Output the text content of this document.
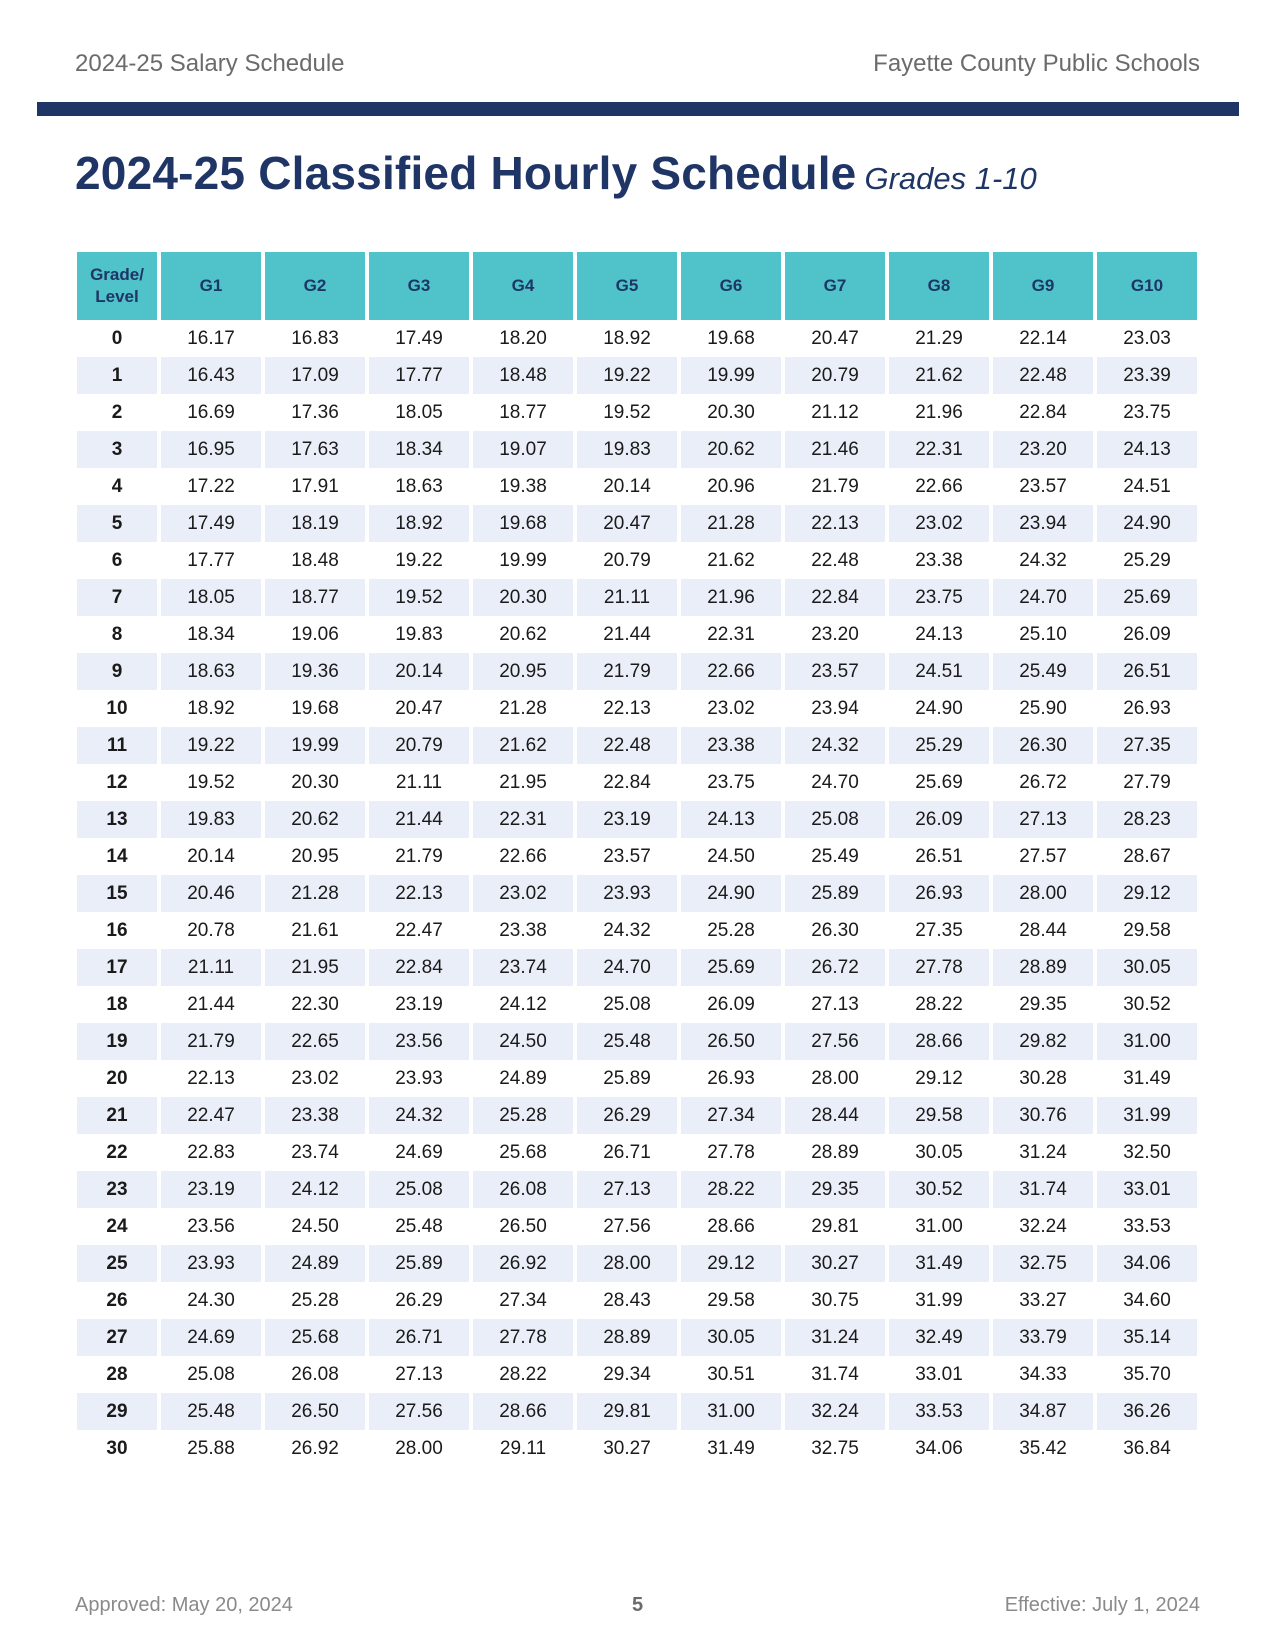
2024-25 Salary Schedule	Fayette County Public Schools
2024-25 Classified Hourly Schedule Grades 1-10
Grade/
Level	G1	G2	G3	G4	G5	G6	G7	G8	G9	G10
0	16.17	16.83	17.49	18.20	18.92	19.68	20.47	21.29	22.14	23.03
1	16.43	17.09	17.77	18.48	19.22	19.99	20.79	21.62	22.48	23.39
2	16.69	17.36	18.05	18.77	19.52	20.30	21.12	21.96	22.84	23.75
3	16.95	17.63	18.34	19.07	19.83	20.62	21.46	22.31	23.20	24.13
4	17.22	17.91	18.63	19.38	20.14	20.96	21.79	22.66	23.57	24.51
5	17.49	18.19	18.92	19.68	20.47	21.28	22.13	23.02	23.94	24.90
6	17.77	18.48	19.22	19.99	20.79	21.62	22.48	23.38	24.32	25.29
7	18.05	18.77	19.52	20.30	21.11	21.96	22.84	23.75	24.70	25.69
8	18.34	19.06	19.83	20.62	21.44	22.31	23.20	24.13	25.10	26.09
9	18.63	19.36	20.14	20.95	21.79	22.66	23.57	24.51	25.49	26.51
10	18.92	19.68	20.47	21.28	22.13	23.02	23.94	24.90	25.90	26.93
11	19.22	19.99	20.79	21.62	22.48	23.38	24.32	25.29	26.30	27.35
12	19.52	20.30	21.11	21.95	22.84	23.75	24.70	25.69	26.72	27.79
13	19.83	20.62	21.44	22.31	23.19	24.13	25.08	26.09	27.13	28.23
14	20.14	20.95	21.79	22.66	23.57	24.50	25.49	26.51	27.57	28.67
15	20.46	21.28	22.13	23.02	23.93	24.90	25.89	26.93	28.00	29.12
16	20.78	21.61	22.47	23.38	24.32	25.28	26.30	27.35	28.44	29.58
17	21.11	21.95	22.84	23.74	24.70	25.69	26.72	27.78	28.89	30.05
18	21.44	22.30	23.19	24.12	25.08	26.09	27.13	28.22	29.35	30.52
19	21.79	22.65	23.56	24.50	25.48	26.50	27.56	28.66	29.82	31.00
20	22.13	23.02	23.93	24.89	25.89	26.93	28.00	29.12	30.28	31.49
21	22.47	23.38	24.32	25.28	26.29	27.34	28.44	29.58	30.76	31.99
22	22.83	23.74	24.69	25.68	26.71	27.78	28.89	30.05	31.24	32.50
23	23.19	24.12	25.08	26.08	27.13	28.22	29.35	30.52	31.74	33.01
24	23.56	24.50	25.48	26.50	27.56	28.66	29.81	31.00	32.24	33.53
25	23.93	24.89	25.89	26.92	28.00	29.12	30.27	31.49	32.75	34.06
26	24.30	25.28	26.29	27.34	28.43	29.58	30.75	31.99	33.27	34.60
27	24.69	25.68	26.71	27.78	28.89	30.05	31.24	32.49	33.79	35.14
28	25.08	26.08	27.13	28.22	29.34	30.51	31.74	33.01	34.33	35.70
29	25.48	26.50	27.56	28.66	29.81	31.00	32.24	33.53	34.87	36.26
30	25.88	26.92	28.00	29.11	30.27	31.49	32.75	34.06	35.42	36.84
Approved: May 20, 2024	5	Effective: July 1, 2024
